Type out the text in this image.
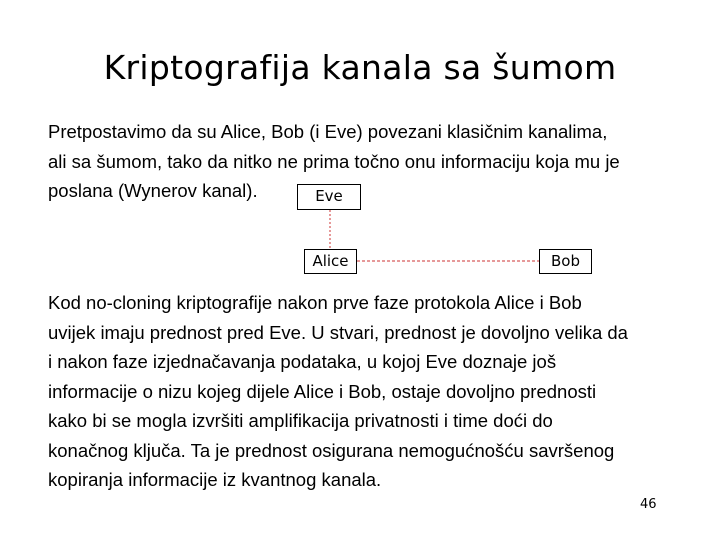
Kriptografija kanala sa šumom
Pretpostavimo da su Alice, Bob (i Eve) povezani klasičnim kanalima,
ali sa šumom, tako da nitko ne prima točno onu informaciju koja mu je
poslana (Wynerov kanal).	Eve
Alice	Bob
Kod no-cloning kriptografije nakon prve faze protokola Alice i Bob
uvijek imaju prednost pred Eve. U stvari, prednost je dovoljno velika da
i nakon faze izjednačavanja podataka, u kojoj Eve doznaje još
informacije o nizu kojeg dijele Alice i Bob, ostaje dovoljno prednosti
kako bi se mogla izvršiti amplifikacija privatnosti i time doći do
konačnog ključa. Ta je prednost osigurana nemogućnošću savršenog
kopiranja informacije iz kvantnog kanala.
46
